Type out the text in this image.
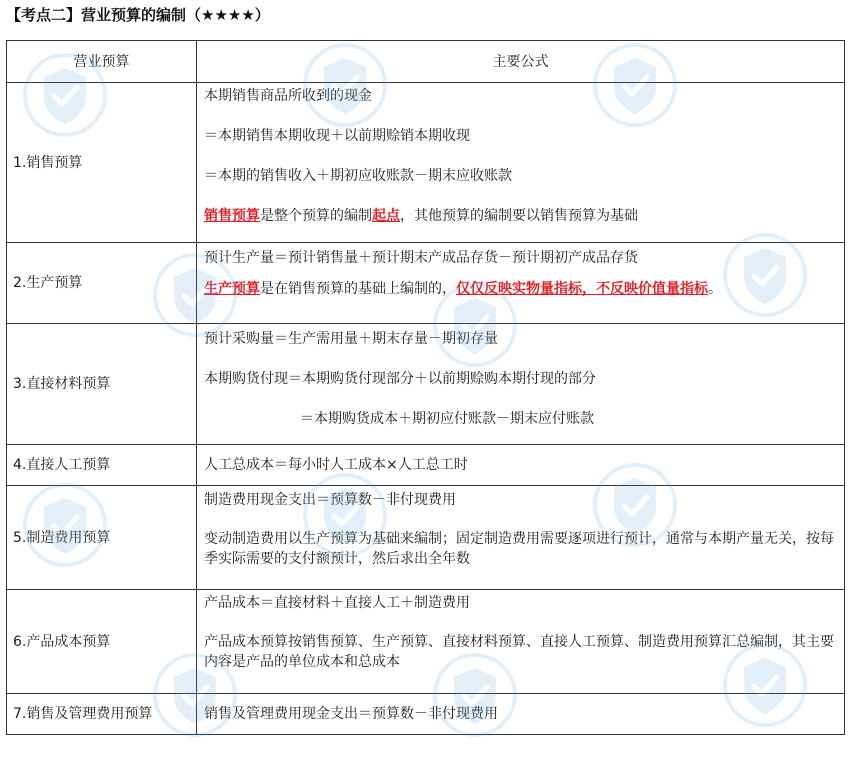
【考点二】营业预算的编制（★★★★）
营业预算	主要公式
1.销售预算	本期销售商品所收到的现金

＝本期销售本期收现＋以前期赊销本期收现

＝本期的销售收入＋期初应收账款－期末应收账款

销售预算是整个预算的编制起点，其他预算的编制要以销售预算为基础

2.生产预算	预计生产量＝预计销售量＋预计期末产成品存货－预计期初产成品存货

生产预算是在销售预算的基础上编制的，仅仅反映实物量指标，不反映价值量指标。

3.直接材料预算	预计采购量＝生产需用量＋期末存量－期初存量

本期购货付现＝本期购货付现部分＋以前期赊购本期付现的部分

＝本期购货成本＋期初应付账款－期末应付账款

4.直接人工预算	人工总成本＝每小时人工成本×人工总工时

5.制造费用预算	制造费用现金支出＝预算数－非付现费用

变动制造费用以生产预算为基础来编制；固定制造费用需要逐项进行预计，通常与本期产量无关，按每季实际需要的支付额预计，然后求出全年数

6.产品成本预算	产品成本＝直接材料＋直接人工＋制造费用

产品成本预算按销售预算、生产预算、直接材料预算、直接人工预算、制造费用预算汇总编制，其主要内容是产品的单位成本和总成本

7.销售及管理费用预算	销售及管理费用现金支出＝预算数－非付现费用
